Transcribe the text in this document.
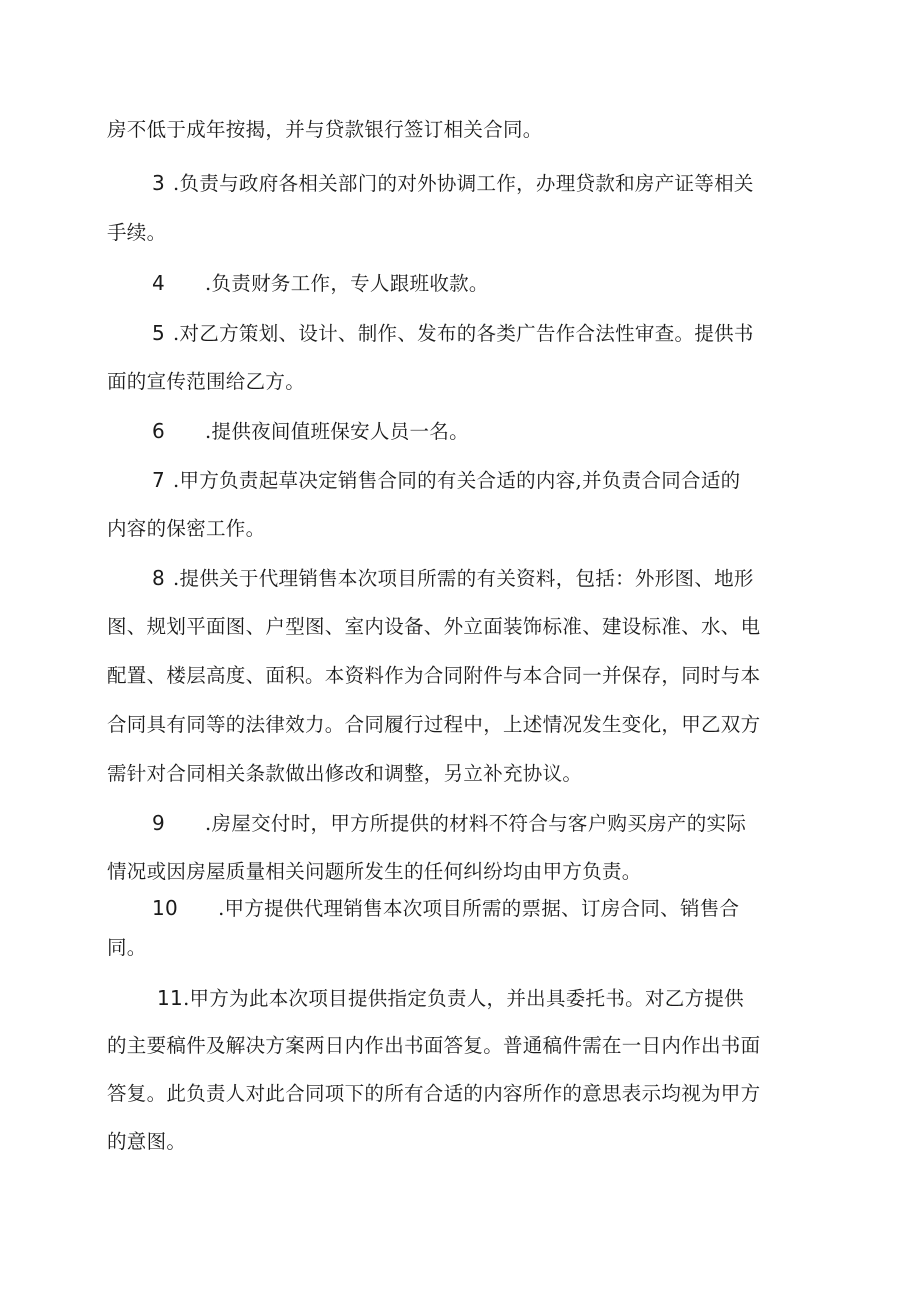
房不低于成年按揭，并与贷款银行签订相关合同。
3 .负责与政府各相关部门的对外协调工作，办理贷款和房产证等相关
手续。
4 .负责财务工作，专人跟班收款。
5 .对乙方策划、设计、制作、发布的各类广告作合法性审查。提供书
面的宣传范围给乙方。
6 .提供夜间值班保安人员一名。
7 .甲方负责起草决定销售合同的有关合适的内容,并负责合同合适的
内容的保密工作。
8 .提供关于代理销售本次项目所需的有关资料，包括：外形图、地形
图、规划平面图、户型图、室内设备、外立面装饰标准、建设标准、水、电
配置、楼层高度、面积。本资料作为合同附件与本合同一并保存，同时与本
合同具有同等的法律效力。合同履行过程中，上述情况发生变化，甲乙双方
需针对合同相关条款做出修改和调整，另立补充协议。
9 .房屋交付时，甲方所提供的材料不符合与客户购买房产的实际
情况或因房屋质量相关问题所发生的任何纠纷均由甲方负责。
10 .甲方提供代理销售本次项目所需的票据、订房合同、销售合
同。
11.甲方为此本次项目提供指定负责人，并出具委托书。对乙方提供
的主要稿件及解决方案两日内作出书面答复。普通稿件需在一日内作出书面
答复。此负责人对此合同项下的所有合适的内容所作的意思表示均视为甲方
的意图。
